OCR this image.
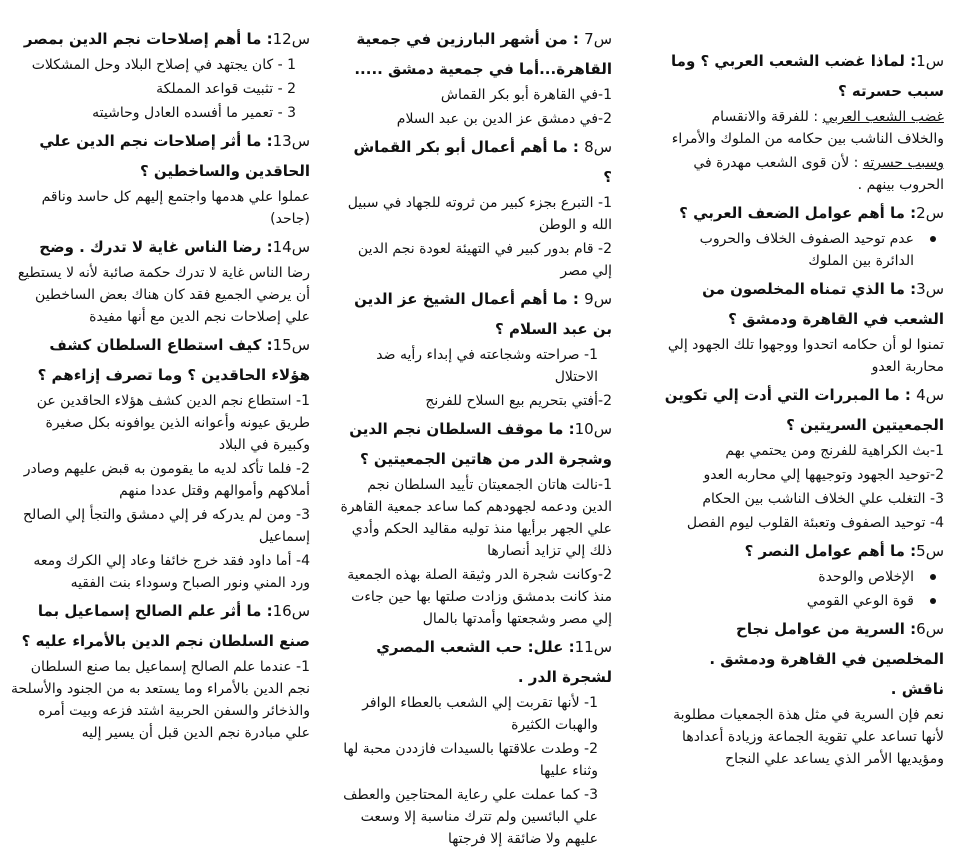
س1: لماذا غضب الشعب العربي ؟ وما سبب حسرته ؟
غضب الشعب العربي : للفرقة والانقسام والخلاف الناشب بين حكامه من الملوك والأمراء
وسبب حسرته : لأن قوى الشعب مهدرة في الحروب بينهم .
س2: ما أهم عوامل الضعف العربي ؟
عدم توحيد الصفوف الخلاف والحروب الدائرة بين الملوك
س3: ما الذي تمناه المخلصون من الشعب في القاهرة ودمشق ؟
تمنوا لو أن حكامه اتحدوا ووجهوا تلك الجهود إلي محاربة العدو
س4 : ما المبررات التي أدت إلي تكوين الجمعيتين السريتين ؟
1-بث الكراهية للفرنج ومن يحتمي بهم
2-توحيد الجهود وتوجيهها إلي محاربه العدو
3- التغلب علي الخلاف الناشب بين الحكام
4- توحيد الصفوف وتعبئة القلوب ليوم الفصل
س5: ما أهم عوامل النصر ؟
الإخلاص والوحدة
قوة الوعي القومي
س6: السرية من عوامل نجاح المخلصين في القاهرة ودمشق . ناقش .
نعم فإن السرية في مثل هذة الجمعيات مطلوبة لأنها تساعد علي تقوية الجماعة وزيادة أعدادها ومؤيديها الأمر الذي يساعد علي النجاح
س7 : من أشهر البارزين في جمعية القاهرة...أما في جمعية دمشق .....
1-في القاهرة أبو بكر القماش
2-في دمشق عز الدين بن عبد السلام
س8 : ما أهم أعمال أبو بكر القماش ؟
1- التبرع بجزء كبير من ثروته للجهاد في سبيل الله و الوطن
2- قام بدور كبير في التهيئة لعودة نجم الدين إلي مصر
س9 : ما أهم أعمال الشيخ عز الدين بن عبد السلام ؟
1- صراحته وشجاعته في إبداء رأيه ضد الاحتلال
2-أفتي بتحريم بيع السلاح للفرنج
س10: ما موقف السلطان نجم الدين وشجرة الدر من هاتين الجمعيتين ؟
1-نالت هاتان الجمعيتان تأييد السلطان نجم الدين ودعمه لجهودهم كما ساعد جمعية القاهرة علي الجهر برأيها منذ توليه مقاليد الحكم وأدي ذلك إلي تزايد أنصارها
2-وكانت شجرة الدر وثيقة الصلة بهذه الجمعية منذ كانت بدمشق وزادت صلتها بها حين جاءت إلي مصر وشجعتها وأمدتها بالمال
س11: علل: حب الشعب المصري لشجرة الدر .
1- لأنها تقربت إلي الشعب بالعطاء الوافر والهبات الكثيرة
2- وطدت علاقتها بالسيدات فازددن محبة لها وثناء عليها
3- كما عملت علي رعاية المحتاجين والعطف علي البائسين ولم تترك مناسبة إلا وسعت عليهم ولا ضائقة إلا فرجتها
س12: ما أهم إصلاحات نجم الدين بمصر
1 - كان يجتهد في إصلاح البلاد وحل المشكلات
2 - تثبيت قواعد المملكة
3 - تعمير ما أفسده العادل وحاشيته
س13: ما أثر إصلاحات نجم الدين علي الحاقدين والساخطين ؟
عملوا علي هدمها واجتمع إليهم كل حاسد وناقم (جاحد)
س14: رضا الناس غاية لا تدرك . وضح
رضا الناس غاية لا تدرك حكمة صائبة لأنه لا يستطيع أن يرضي الجميع فقد كان هناك بعض الساخطين علي إصلاحات نجم الدين مع أنها مفيدة
س15: كيف استطاع السلطان كشف هؤلاء الحاقدين ؟ وما تصرف إزاءهم ؟
1- استطاع نجم الدين كشف هؤلاء الحاقدين عن طريق عيونه وأعوانه الذين يوافونه بكل صغيرة وكبيرة في البلاد
2- فلما تأكد لديه ما يقومون به قبض عليهم وصادر أملاكهم وأموالهم وقتل عددا منهم
3- ومن لم يدركه فر إلي دمشق والتجأ إلي الصالح إسماعيل
4- أما داود فقد خرج خائفا وعاد إلي الكرك ومعه ورد المني ونور الصباح وسوداء بنت الفقيه
س16: ما أثر علم الصالح إسماعيل بما صنع السلطان نجم الدين بالأمراء عليه ؟
1- عندما علم الصالح إسماعيل بما صنع السلطان نجم الدين بالأمراء وما يستعد به من الجنود والأسلحة والذخائر والسفن الحربية اشتد فزعه وبيت أمره علي مبادرة نجم الدين قبل أن يسير إليه
